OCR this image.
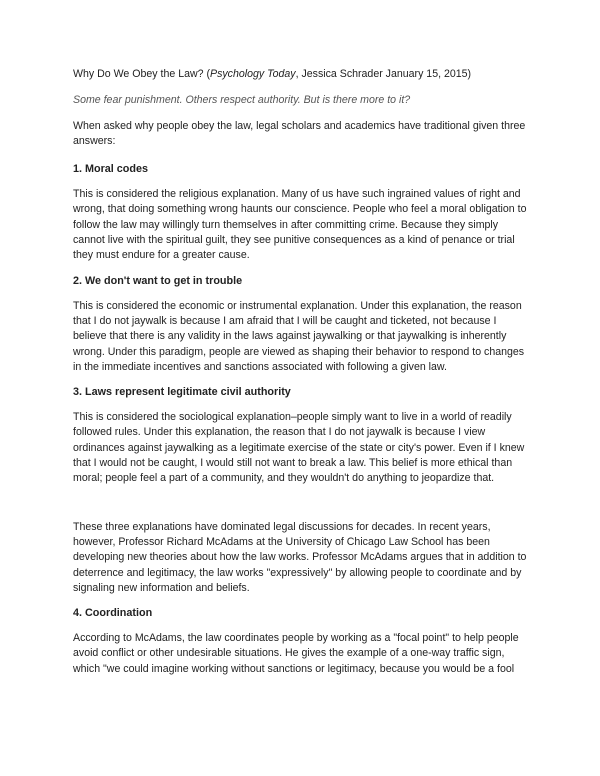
Why Do We Obey the Law? (Psychology Today, Jessica Schrader January 15, 2015)

Some fear punishment. Others respect authority. But is there more to it?

When asked why people obey the law, legal scholars and academics have traditional given three answers:

1. Moral codes

This is considered the religious explanation. Many of us have such ingrained values of right and wrong, that doing something wrong haunts our conscience. People who feel a moral obligation to follow the law may willingly turn themselves in after committing crime. Because they simply cannot live with the spiritual guilt, they see punitive consequences as a kind of penance or trial they must endure for a greater cause.

2. We don't want to get in trouble

This is considered the economic or instrumental explanation. Under this explanation, the reason that I do not jaywalk is because I am afraid that I will be caught and ticketed, not because I believe that there is any validity in the laws against jaywalking or that jaywalking is inherently wrong. Under this paradigm, people are viewed as shaping their behavior to respond to changes in the immediate incentives and sanctions associated with following a given law.

3. Laws represent legitimate civil authority

This is considered the sociological explanation–people simply want to live in a world of readily followed rules. Under this explanation, the reason that I do not jaywalk is because I view ordinances against jaywalking as a legitimate exercise of the state or city's power. Even if I knew that I would not be caught, I would still not want to break a law. This belief is more ethical than moral; people feel a part of a community, and they wouldn't do anything to jeopardize that.

These three explanations have dominated legal discussions for decades. In recent years, however, Professor Richard McAdams at the University of Chicago Law School has been developing new theories about how the law works. Professor McAdams argues that in addition to deterrence and legitimacy, the law works "expressively" by allowing people to coordinate and by signaling new information and beliefs.

4. Coordination

According to McAdams, the law coordinates people by working as a "focal point" to help people avoid conflict or other undesirable situations. He gives the example of a one-way traffic sign, which "we could imagine working without sanctions or legitimacy, because you would be a fool
